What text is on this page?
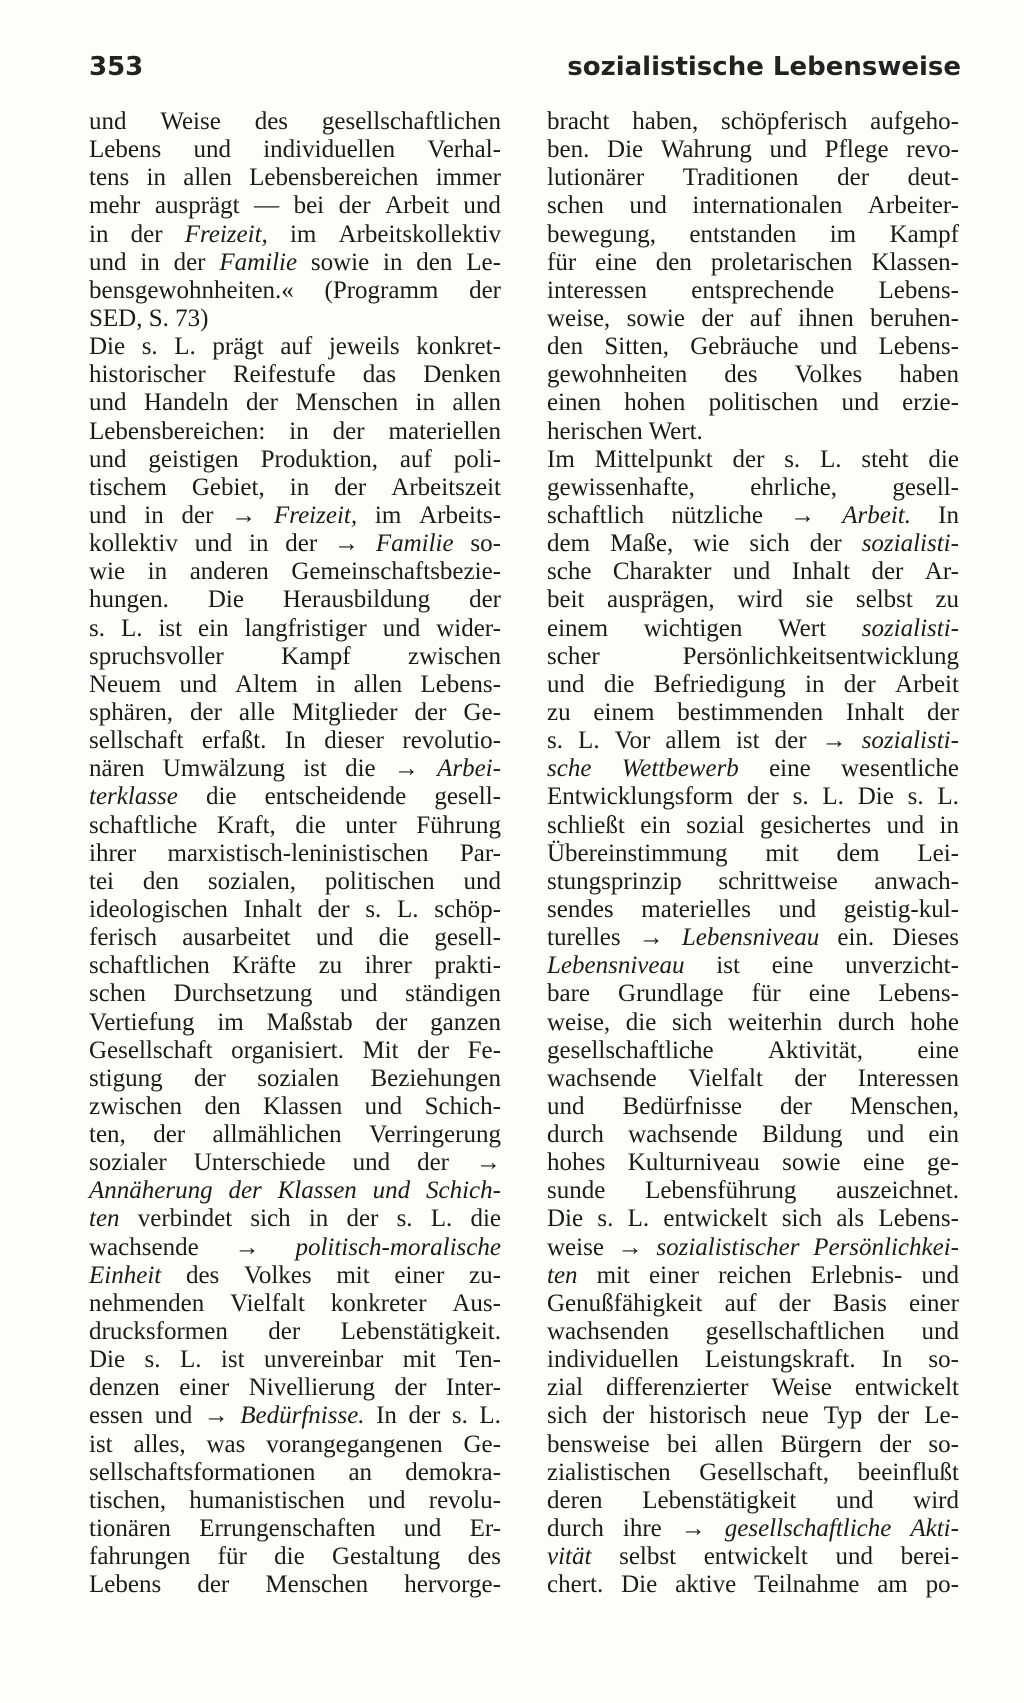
353	sozialistische Lebensweise
und Weise des gesellschaftlichen
Lebens und individuellen Verhal-
tens in allen Lebensbereichen immer
mehr ausprägt — bei der Arbeit und
in der Freizeit, im Arbeitskollektiv
und in der Familie sowie in den Le-
bensgewohnheiten.« (Programm der
SED, S. 73)
Die s. L. prägt auf jeweils konkret-
historischer Reifestufe das Denken
und Handeln der Menschen in allen
Lebensbereichen: in der materiellen
und geistigen Produktion, auf poli-
tischem Gebiet, in der Arbeitszeit
und in der → Freizeit, im Arbeits-
kollektiv und in der → Familie so-
wie in anderen Gemeinschaftsbezie-
hungen. Die Herausbildung der
s. L. ist ein langfristiger und wider-
spruchsvoller Kampf zwischen
Neuem und Altem in allen Lebens-
sphären, der alle Mitglieder der Ge-
sellschaft erfaßt. In dieser revolutio-
nären Umwälzung ist die → Arbei-
terklasse die entscheidende gesell-
schaftliche Kraft, die unter Führung
ihrer marxistisch-leninistischen Par-
tei den sozialen, politischen und
ideologischen Inhalt der s. L. schöp-
ferisch ausarbeitet und die gesell-
schaftlichen Kräfte zu ihrer prakti-
schen Durchsetzung und ständigen
Vertiefung im Maßstab der ganzen
Gesellschaft organisiert. Mit der Fe-
stigung der sozialen Beziehungen
zwischen den Klassen und Schich-
ten, der allmählichen Verringerung
sozialer Unterschiede und der →
Annäherung der Klassen und Schich-
ten verbindet sich in der s. L. die
wachsende → politisch-moralische
Einheit des Volkes mit einer zu-
nehmenden Vielfalt konkreter Aus-
drucksformen der Lebenstätigkeit.
Die s. L. ist unvereinbar mit Ten-
denzen einer Nivellierung der Inter-
essen und → Bedürfnisse. In der s. L.
ist alles, was vorangegangenen Ge-
sellschaftsformationen an demokra-
tischen, humanistischen und revolu-
tionären Errungenschaften und Er-
fahrungen für die Gestaltung des
Lebens der Menschen hervorge-
bracht haben, schöpferisch aufgeho-
ben. Die Wahrung und Pflege revo-
lutionärer Traditionen der deut-
schen und internationalen Arbeiter-
bewegung, entstanden im Kampf
für eine den proletarischen Klassen-
interessen entsprechende Lebens-
weise, sowie der auf ihnen beruhen-
den Sitten, Gebräuche und Lebens-
gewohnheiten des Volkes haben
einen hohen politischen und erzie-
herischen Wert.
Im Mittelpunkt der s. L. steht die
gewissenhafte, ehrliche, gesell-
schaftlich nützliche → Arbeit. In
dem Maße, wie sich der sozialisti-
sche Charakter und Inhalt der Ar-
beit ausprägen, wird sie selbst zu
einem wichtigen Wert sozialisti-
scher	Persönlichkeitsentwicklung
und die Befriedigung in der Arbeit
zu einem bestimmenden Inhalt der
s. L. Vor allem ist der → sozialisti-
sche Wettbewerb eine wesentliche
Entwicklungsform der s. L. Die s. L.
schließt ein sozial gesichertes und in
Übereinstimmung mit dem Lei-
stungsprinzip schrittweise anwach-
sendes materielles und geistig-kul-
turelles → Lebensniveau ein. Dieses
Lebensniveau ist eine unverzicht-
bare Grundlage für eine Lebens-
weise, die sich weiterhin durch hohe
gesellschaftliche Aktivität, eine
wachsende Vielfalt der Interessen
und Bedürfnisse der Menschen,
durch wachsende Bildung und ein
hohes Kulturniveau sowie eine ge-
sunde Lebensführung auszeichnet.
Die s. L. entwickelt sich als Lebens-
weise → sozialistischer Persönlichkei-
ten mit einer reichen Erlebnis- und
Genußfähigkeit auf der Basis einer
wachsenden gesellschaftlichen und
individuellen Leistungskraft. In so-
zial differenzierter Weise entwickelt
sich der historisch neue Typ der Le-
bensweise bei allen Bürgern der so-
zialistischen Gesellschaft, beeinflußt
deren Lebenstätigkeit und wird
durch ihre → gesellschaftliche Akti-
vität selbst entwickelt und berei-
chert. Die aktive Teilnahme am po-
